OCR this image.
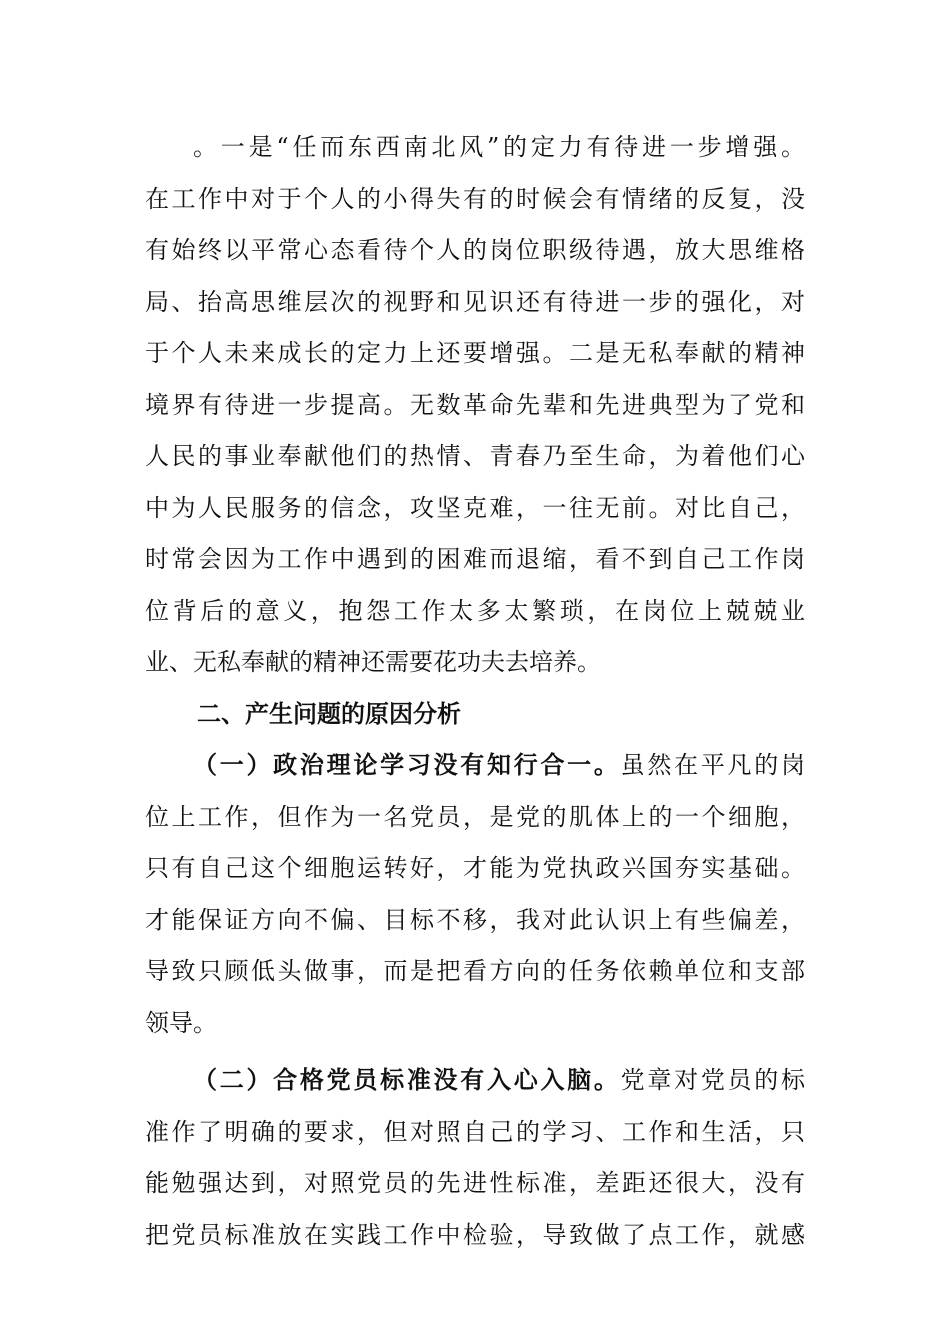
。一是“任而东西南北风”的定力有待进一步增强。
在工作中对于个人的小得失有的时候会有情绪的反复，没
有始终以平常心态看待个人的岗位职级待遇，放大思维格
局、抬高思维层次的视野和见识还有待进一步的强化，对
于个人未来成长的定力上还要增强。二是无私奉献的精神
境界有待进一步提高。无数革命先辈和先进典型为了党和
人民的事业奉献他们的热情、青春乃至生命，为着他们心
中为人民服务的信念，攻坚克难，一往无前。对比自己，
时常会因为工作中遇到的困难而退缩，看不到自己工作岗
位背后的意义，抱怨工作太多太繁琐，在岗位上兢兢业
业、无私奉献的精神还需要花功夫去培养。
二、产生问题的原因分析
（一）政治理论学习没有知行合一。虽然在平凡的岗
位上工作，但作为一名党员，是党的肌体上的一个细胞，
只有自己这个细胞运转好，才能为党执政兴国夯实基础。
才能保证方向不偏、目标不移，我对此认识上有些偏差，
导致只顾低头做事，而是把看方向的任务依赖单位和支部
领导。
（二）合格党员标准没有入心入脑。党章对党员的标
准作了明确的要求，但对照自己的学习、工作和生活，只
能勉强达到，对照党员的先进性标准，差距还很大，没有
把党员标准放在实践工作中检验，导致做了点工作，就感
